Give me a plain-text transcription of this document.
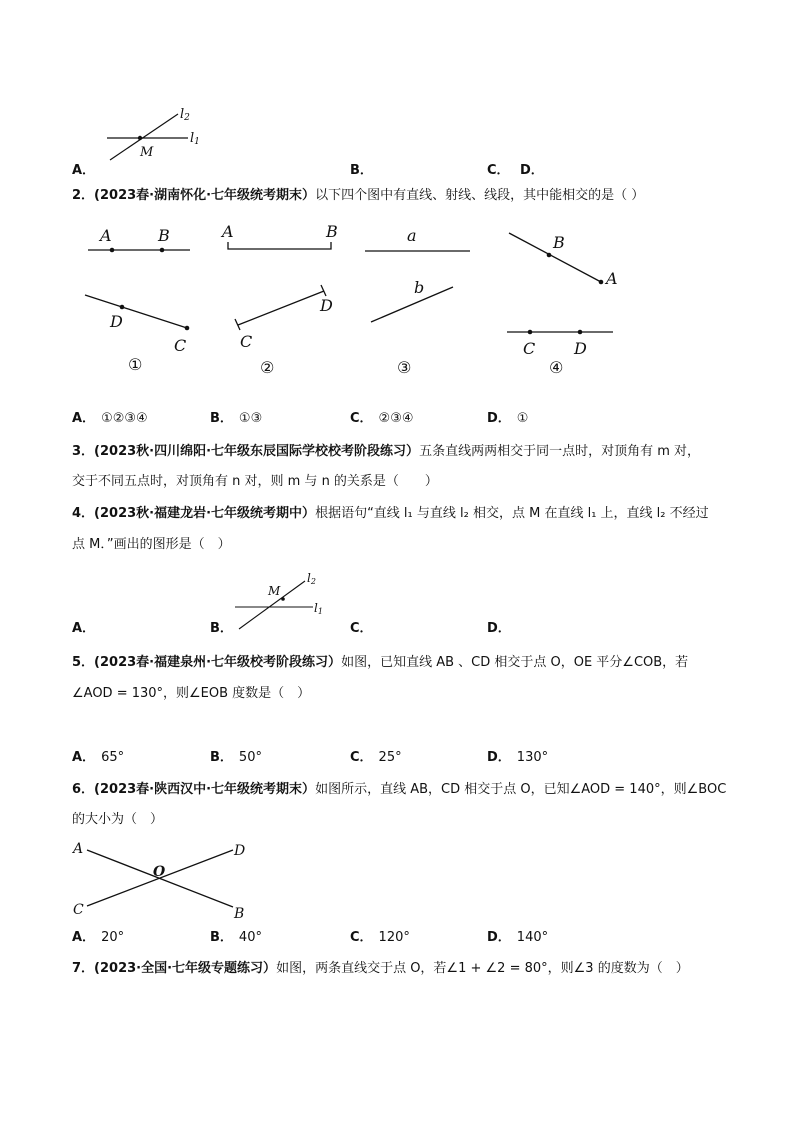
l2
l1
M
A．	B．	C． D．
2．(2023春·湖南怀化·七年级统考期末）以下四个图中有直线、射线、线段，其中能相交的是（ ）
A	B
D
C
①
A	B
D
C
②
a
b
③
B
A
C D
④
A． ①②③④	B． ①③	C． ②③④	D． ①
3．(2023秋·四川绵阳·七年级东辰国际学校校考阶段练习）五条直线两两相交于同一点时，对顶角有 m 对，
交于不同五点时，对顶角有 n 对，则 m 与 n 的关系是（　　）
4．(2023秋·福建龙岩·七年级统考期中）根据语句“直线 l₁ 与直线 l₂ 相交，点 M 在直线 l₁ 上，直线 l₂ 不经过
点 M．”画出的图形是（　）
l2
l1
M
A．	B．	C．	D．
5．(2023春·福建泉州·七年级校考阶段练习）如图，已知直线 AB 、CD 相交于点 O，OE 平分∠COB，若
∠AOD = 130°，则∠EOB 度数是（　）
A． 65°	B． 50°	C． 25°	D． 130°
6．(2023春·陕西汉中·七年级统考期末）如图所示，直线 AB，CD 相交于点 O，已知∠AOD = 140°，则∠BOC
的大小为（　）
A	D
C	B
O
A． 20°	B． 40°	C． 120°	D． 140°
7．(2023·全国·七年级专题练习）如图，两条直线交于点 O，若∠1 + ∠2 = 80°，则∠3 的度数为（　）
